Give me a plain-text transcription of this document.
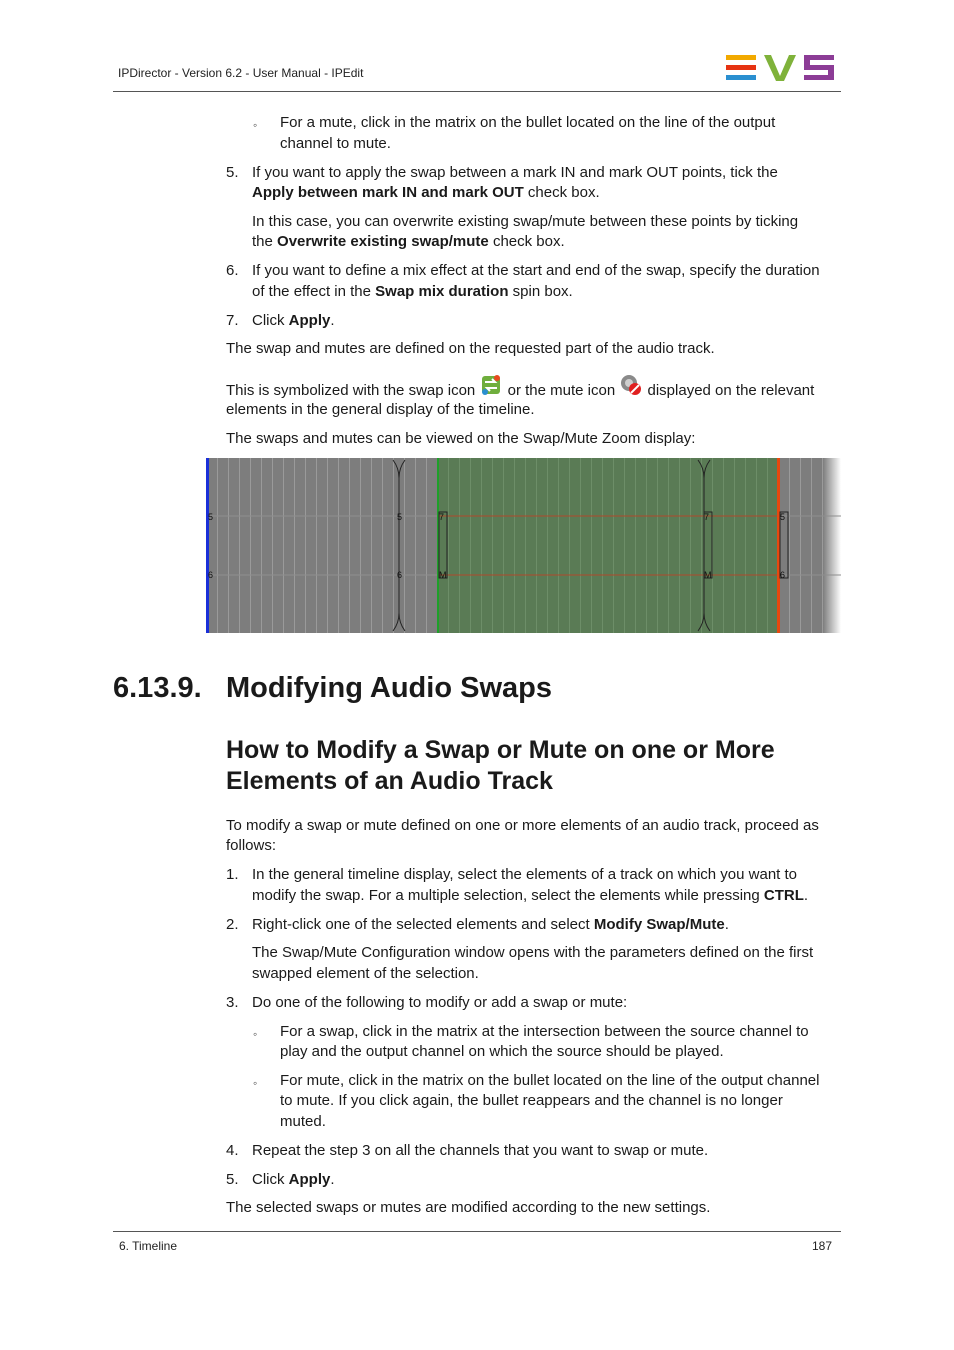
IPDirector - Version 6.2 - User Manual - IPEdit
◦ For a mute, click in the matrix on the bullet located on the line of the output
channel to mute.
5. If you want to apply the swap between a mark IN and mark OUT points, tick the
Apply between mark IN and mark OUT check box.
In this case, you can overwrite existing swap/mute between these points by ticking
the Overwrite existing swap/mute check box.
6. If you want to define a mix effect at the start and end of the swap, specify the duration
of the effect in the Swap mix duration spin box.
7. Click Apply.
The swap and mutes are defined on the requested part of the audio track.
This is symbolized with the swap icon  or the mute icon  displayed on the relevant
elements in the general display of the timeline.
The swaps and mutes can be viewed on the Swap/Mute Zoom display:
5
6
5
6
7
M
7
M
5
6
6.13.9. Modifying Audio Swaps
How to Modify a Swap or Mute on one or More
Elements of an Audio Track
To modify a swap or mute defined on one or more elements of an audio track, proceed as
follows:
1. In the general timeline display, select the elements of a track on which you want to
modify the swap. For a multiple selection, select the elements while pressing CTRL.
2. Right-click one of the selected elements and select Modify Swap/Mute.
The Swap/Mute Configuration window opens with the parameters defined on the first
swapped element of the selection.
3. Do one of the following to modify or add a swap or mute:
◦ For a swap, click in the matrix at the intersection between the source channel to
play and the output channel on which the source should be played.
◦ For mute, click in the matrix on the bullet located on the line of the output channel
to mute. If you click again, the bullet reappears and the channel is no longer
muted.
4. Repeat the step 3 on all the channels that you want to swap or mute.
5. Click Apply.
The selected swaps or mutes are modified according to the new settings.
6. Timeline	187
